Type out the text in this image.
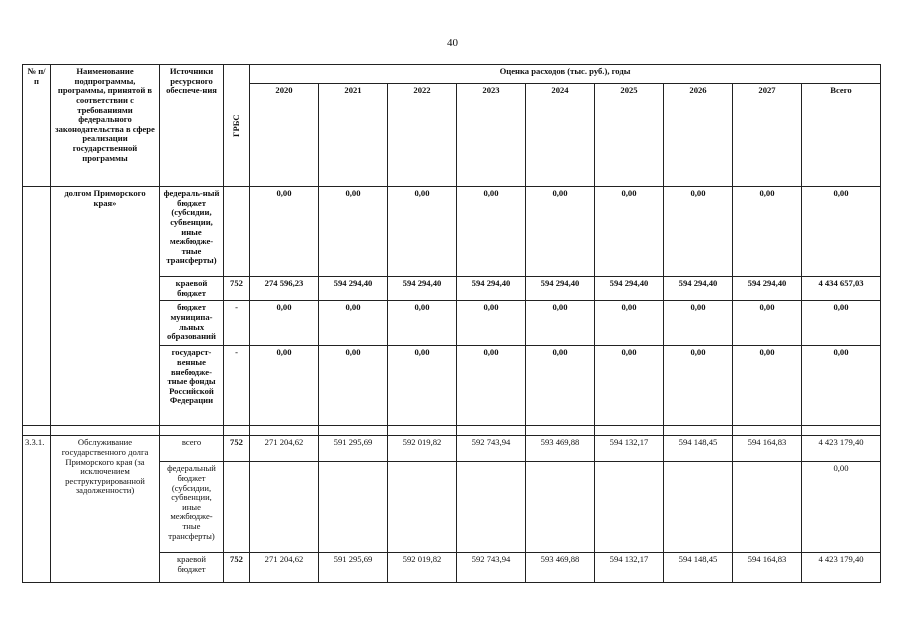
40
№ п/п	Наименование подпрограммы, программы, принятой в соответствии с требованиями федерального законодательства в сфере реализации государственной программы	Источники ресурсного обеспече-ния	ГРБС	Оценка расходов (тыс. руб.), годы								
				2020	2021	2022	2023	2024	2025	2026	2027	Всего
	долгом Приморского края»	федераль-ный бюджет (субсидии, субвенции, иные межбюдже-тные трансферты)		0,00	0,00	0,00	0,00	0,00	0,00	0,00	0,00	0,00
		краевой бюджет	752	274 596,23	594 294,40	594 294,40	594 294,40	594 294,40	594 294,40	594 294,40	594 294,40	4 434 657,03
		бюджет муниципа-льных образований	-	0,00	0,00	0,00	0,00	0,00	0,00	0,00	0,00	0,00
		государст-венные внебюдже-тные фонды Российской Федерации	-	0,00	0,00	0,00	0,00	0,00	0,00	0,00	0,00	0,00

3.3.1.	Обслуживание государственного долга Приморского края (за исключением реструктурированной задолженности)	всего	752	271 204,62	591 295,69	592 019,82	592 743,94	593 469,88	594 132,17	594 148,45	594 164,83	4 423 179,40
		федеральный бюджет (субсидии, субвенции, иные межбюдже-тные трансферты)										0,00
		краевой бюджет	752	271 204,62	591 295,69	592 019,82	592 743,94	593 469,88	594 132,17	594 148,45	594 164,83	4 423 179,40
